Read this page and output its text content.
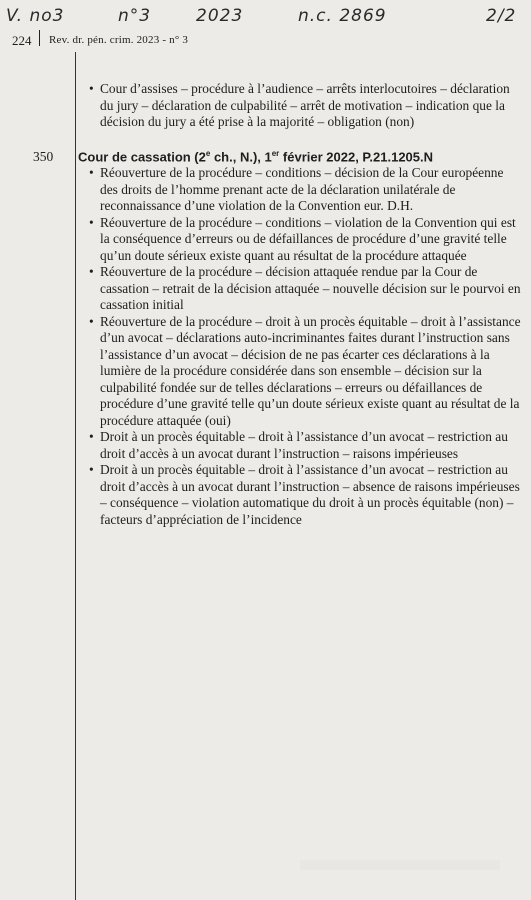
V. no3	n°3	2023	n.c. 2869	2/2
224 Rev. dr. pén. crim. 2023 - n° 3
• Cour d’assises – procédure à l’audience – arrêts interlocutoires – déclaration du jury – déclaration de culpabilité – arrêt de motivation – indication que la décision du jury a été prise à la majorité – obligation (non)
350 Cour de cassation (2e ch., N.), 1er février 2022, P.21.1205.N
• Réouverture de la procédure – conditions – décision de la Cour européenne des droits de l’homme prenant acte de la déclaration unilatérale de reconnaissance d’une violation de la Convention eur. D.H.
• Réouverture de la procédure – conditions – violation de la Convention qui est la conséquence d’erreurs ou de défaillances de procédure d’une gravité telle qu’un doute sérieux existe quant au résultat de la procédure attaquée
• Réouverture de la procédure – décision attaquée rendue par la Cour de cassation – retrait de la décision attaquée – nouvelle décision sur le pourvoi en cassation initial
• Réouverture de la procédure – droit à un procès équitable – droit à l’assistance d’un avocat – déclarations auto-incriminantes faites durant l’instruction sans l’assistance d’un avocat – décision de ne pas écarter ces déclarations à la lumière de la procédure considérée dans son ensemble – décision sur la culpabilité fondée sur de telles déclarations – erreurs ou défaillances de procédure d’une gravité telle qu’un doute sérieux existe quant au résultat de la procédure attaquée (oui)
• Droit à un procès équitable – droit à l’assistance d’un avocat – restriction au droit d’accès à un avocat durant l’instruction – raisons impérieuses
• Droit à un procès équitable – droit à l’assistance d’un avocat – restriction au droit d’accès à un avocat durant l’instruction – absence de raisons impérieuses – conséquence – violation automatique du droit à un procès équitable (non) – facteurs d’appréciation de l’incidence
